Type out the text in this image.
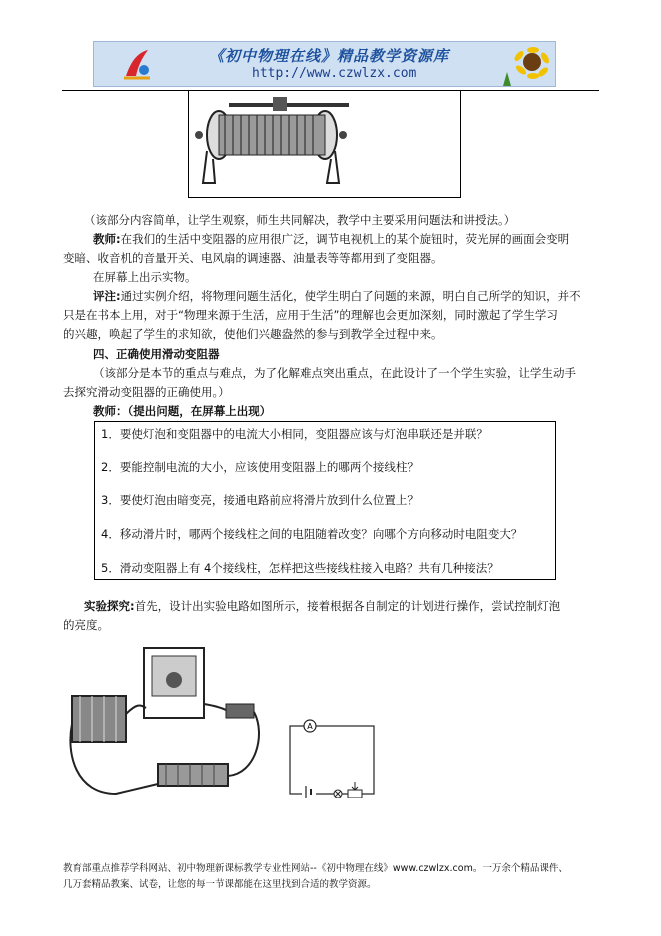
《初中物理在线》精品教学资源库
http://www.czwlzx.com
（该部分内容简单，让学生观察，师生共同解决，教学中主要采用问题法和讲授法。）
教师:在我们的生活中变阻器的应用很广泛，调节电视机上的某个旋钮时，荧光屏的画面会变明
变暗、收音机的音量开关、电风扇的调速器、油量表等等都用到了变阻器。
在屏幕上出示实物。
评注:通过实例介绍，将物理问题生活化，使学生明白了问题的来源，明白自己所学的知识，并不
只是在书本上用，对于“物理来源于生活，应用于生活”的理解也会更加深刻，同时激起了学生学习
的兴趣，唤起了学生的求知欲，使他们兴趣盎然的参与到教学全过程中来。
四、正确使用滑动变阻器
（该部分是本节的重点与难点，为了化解难点突出重点，在此设计了一个学生实验，让学生动手
去探究滑动变阻器的正确使用。）
教师：（提出问题，在屏幕上出现）
1．要使灯泡和变阻器中的电流大小相同，变阻器应该与灯泡串联还是并联？
2．要能控制电流的大小，应该使用变阻器上的哪两个接线柱？
3．要使灯泡由暗变亮，接通电路前应将滑片放到什么位置上？
4．移动滑片时，哪两个接线柱之间的电阻随着改变？向哪个方向移动时电阻变大？
5．滑动变阻器上有 4个接线柱，怎样把这些接线柱接入电路？共有几种接法？
实验探究:首先，设计出实验电路如图所示，接着根据各自制定的计划进行操作，尝试控制灯泡
的亮度。
A
教育部重点推荐学科网站、初中物理新课标教学专业性网站--《初中物理在线》www.czwlzx.com。一万余个精品课件、
几万套精品教案、试卷，让您的每一节课都能在这里找到合适的教学资源。
